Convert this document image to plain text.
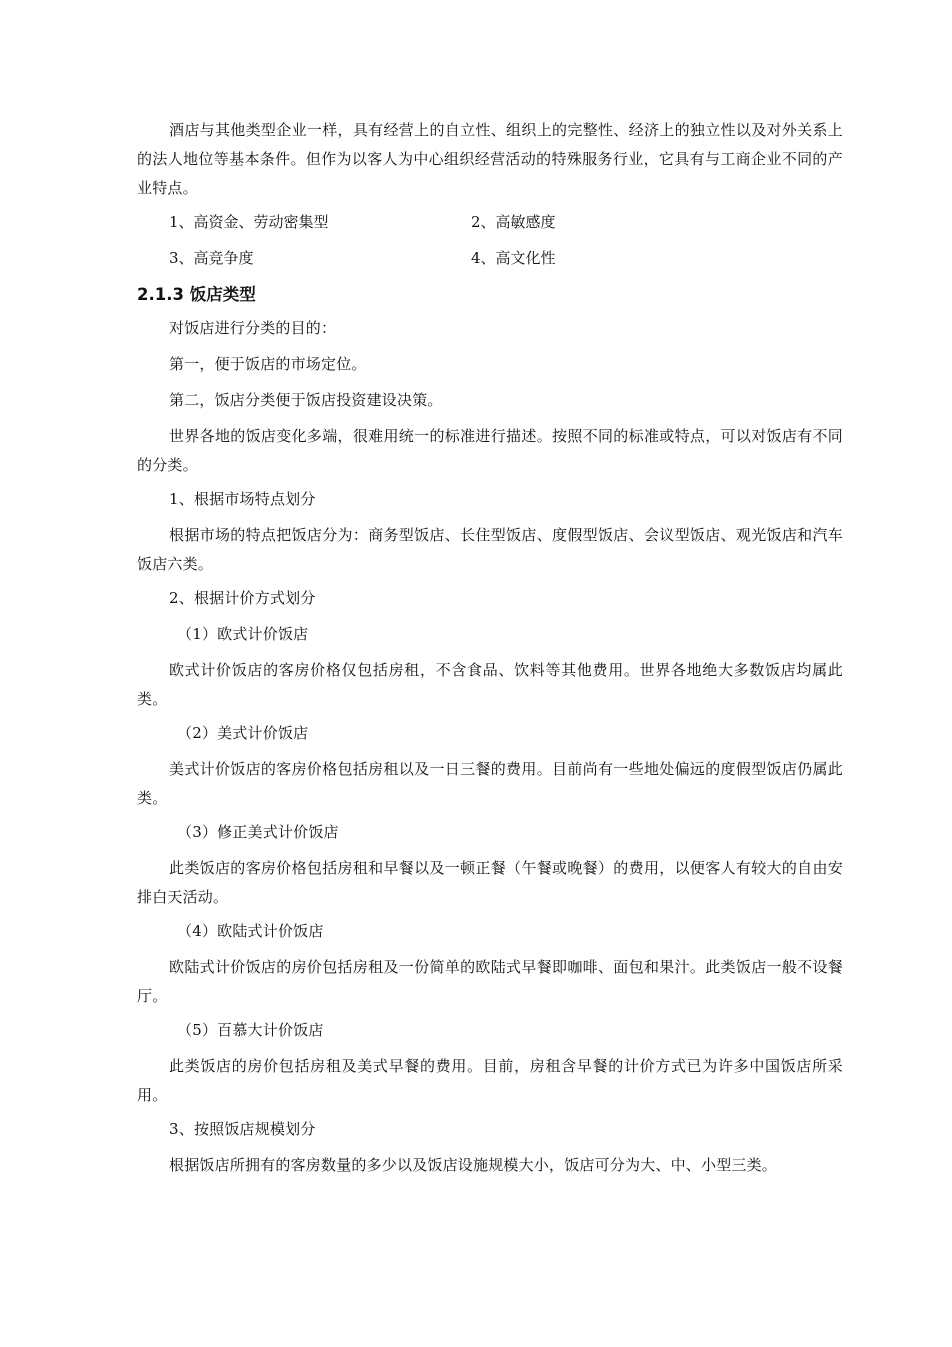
酒店与其他类型企业一样，具有经营上的自立性、组织上的完整性、经济上的独立性以及对外关系上的法人地位等基本条件。但作为以客人为中心组织经营活动的特殊服务行业，它具有与工商企业不同的产业特点。

1、高资金、劳动密集型	2、高敏感度
3、高竞争度	4、高文化性
2.1.3 饭店类型

对饭店进行分类的目的：

第一，便于饭店的市场定位。

第二，饭店分类便于饭店投资建设决策。

世界各地的饭店变化多端，很难用统一的标准进行描述。按照不同的标准或特点，可以对饭店有不同的分类。

1、根据市场特点划分

根据市场的特点把饭店分为：商务型饭店、长住型饭店、度假型饭店、会议型饭店、观光饭店和汽车饭店六类。

2、根据计价方式划分

（1）欧式计价饭店

欧式计价饭店的客房价格仅包括房租，不含食品、饮料等其他费用。世界各地绝大多数饭店均属此类。

（2）美式计价饭店

美式计价饭店的客房价格包括房租以及一日三餐的费用。目前尚有一些地处偏远的度假型饭店仍属此类。

（3）修正美式计价饭店

此类饭店的客房价格包括房租和早餐以及一顿正餐（午餐或晚餐）的费用，以便客人有较大的自由安排白天活动。

（4）欧陆式计价饭店

欧陆式计价饭店的房价包括房租及一份简单的欧陆式早餐即咖啡、面包和果汁。此类饭店一般不设餐厅。

（5）百慕大计价饭店

此类饭店的房价包括房租及美式早餐的费用。目前，房租含早餐的计价方式已为许多中国饭店所采用。

3、按照饭店规模划分

根据饭店所拥有的客房数量的多少以及饭店设施规模大小，饭店可分为大、中、小型三类。
